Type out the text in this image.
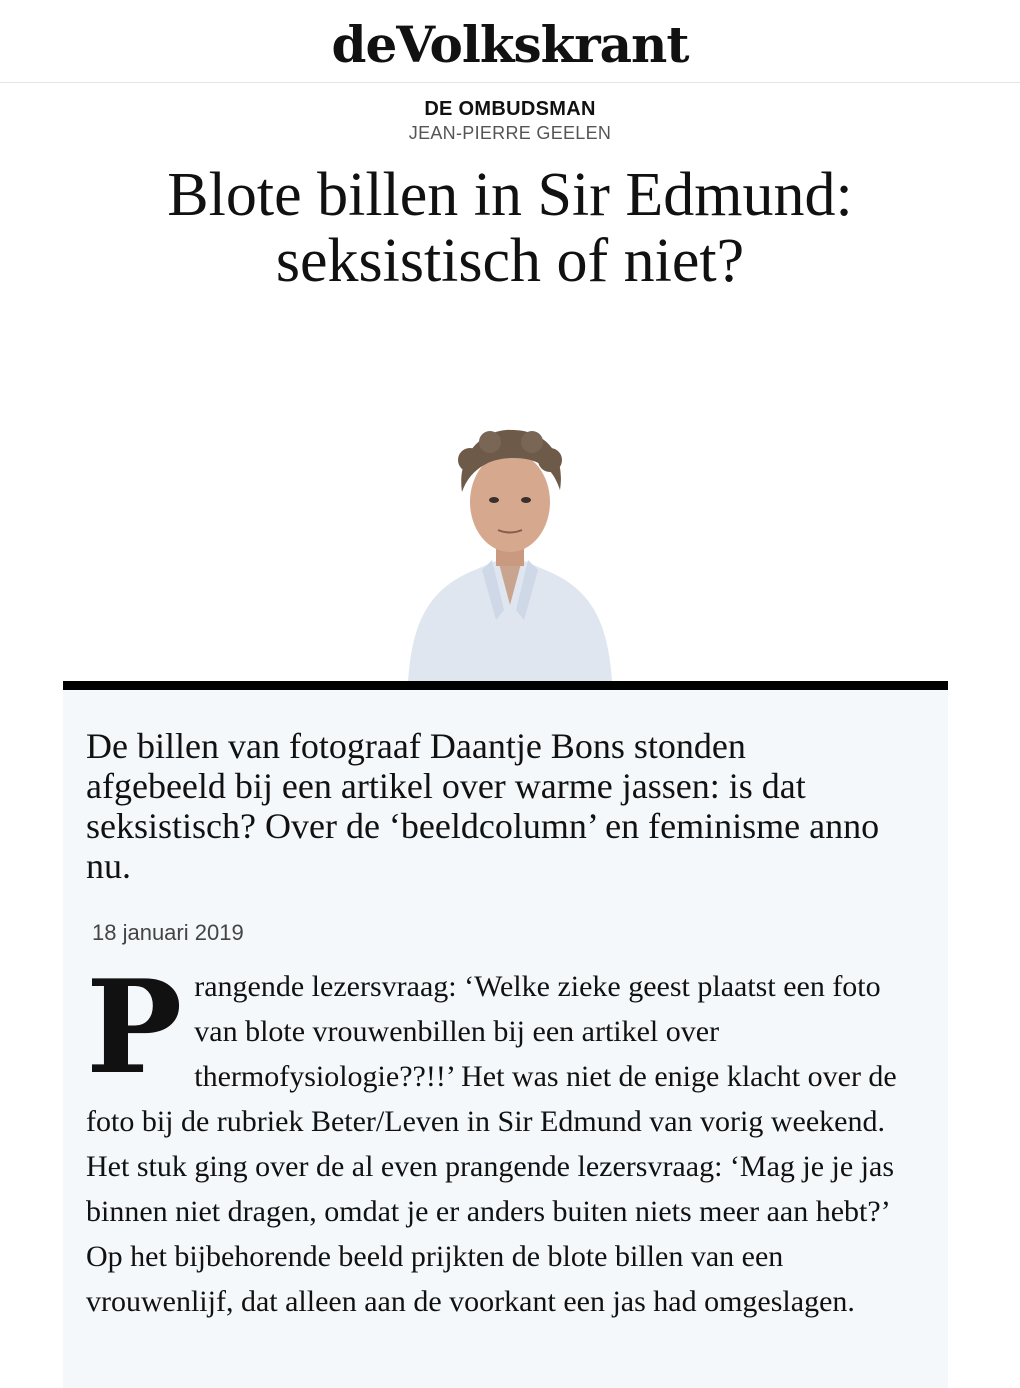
deVolkskrant
DE OMBUDSMAN
JEAN-PIERRE GEELEN
Blote billen in Sir Edmund: seksistisch of niet?

De billen van fotograaf Daantje Bons stonden afgebeeld bij een artikel over warme jassen: is dat seksistisch? Over de ‘beeldcolumn’ en feminisme anno nu.

18 januari 2019

Prangende lezersvraag: ‘Welke zieke geest plaatst een foto van blote vrouwenbillen bij een artikel over thermofysiologie??!!’ Het was niet de enige klacht over de foto bij de rubriek Beter/Leven in Sir Edmund van vorig weekend. Het stuk ging over de al even prangende lezersvraag: ‘Mag je je jas binnen niet dragen, omdat je er anders buiten niets meer aan hebt?’ Op het bijbehorende beeld prijkten de blote billen van een vrouwenlijf, dat alleen aan de voorkant een jas had omgeslagen.
